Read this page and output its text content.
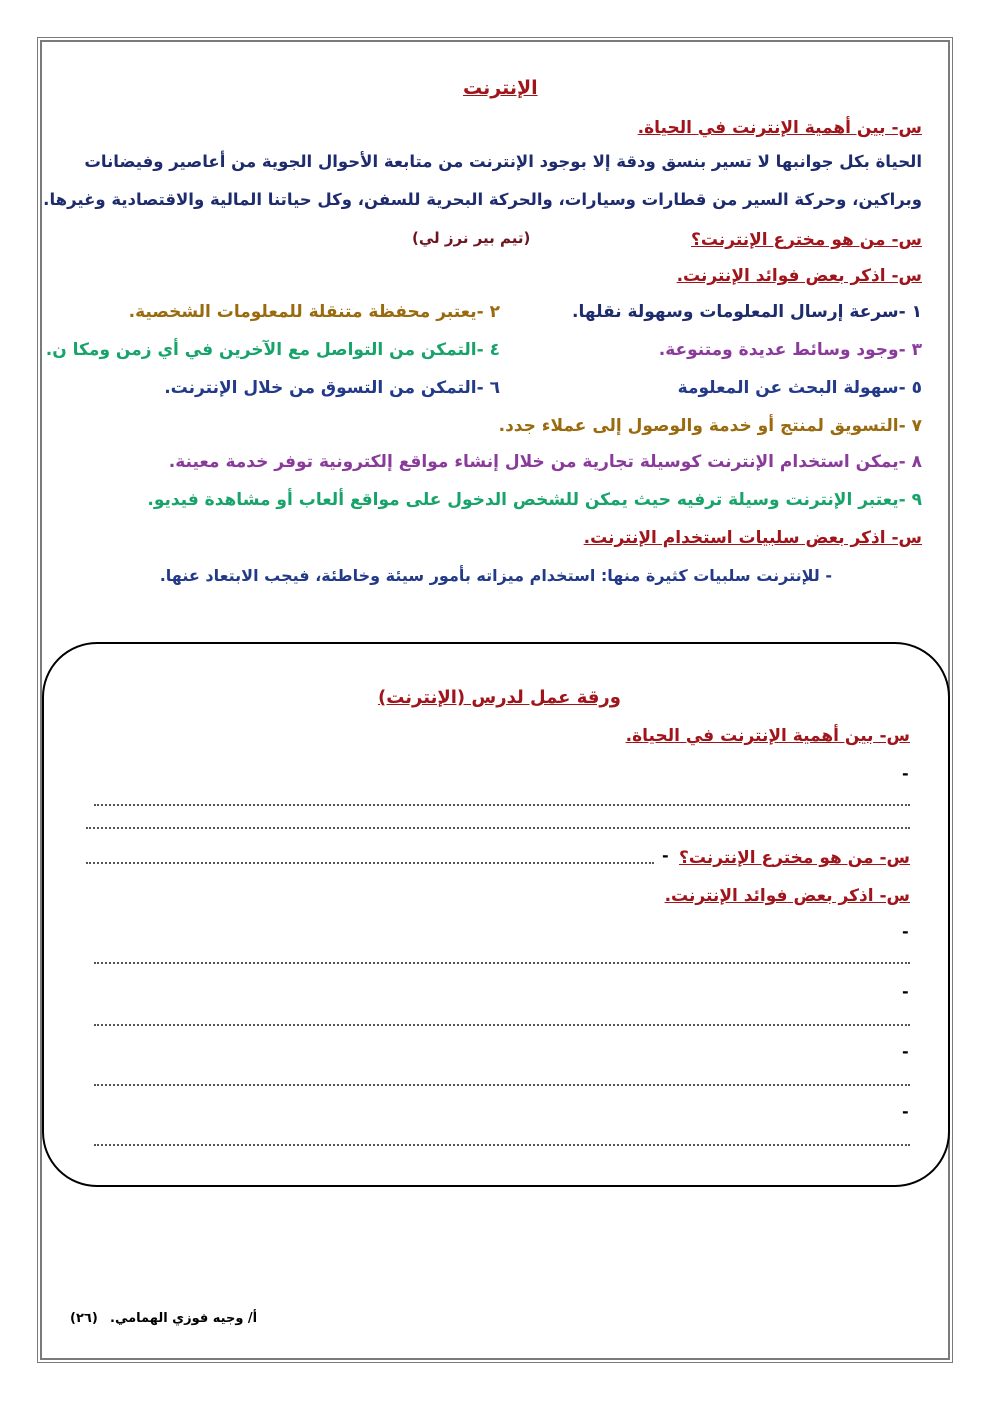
الإنترنت
س- بين أهمية الإنترنت في الحياة.
الحياة بكل جوانبها لا تسير بنسق ودقة إلا بوجود الإنترنت من متابعة الأحوال الجوية من أعاصير وفيضانات
وبراكين، وحركة السير من قطارات وسيارات، والحركة البحرية للسفن، وكل حياتنا المالية والاقتصادية وغيرها.
س- من هو مخترع الإنترنت؟
(تيم بير نرز لي)
س- اذكر بعض فوائد الإنترنت.
١ -سرعة إرسال المعلومات وسهولة نقلها.
٢ -يعتبر محفظة متنقلة للمعلومات الشخصية.
٣ -وجود وسائط عديدة ومتنوعة.
٤ -التمكن من التواصل مع الآخرين في أي زمن ومكا ن.
٥ -سهولة البحث عن المعلومة
٦ -التمكن من التسوق من خلال الإنترنت.
٧ -التسويق لمنتج أو خدمة والوصول إلى عملاء جدد.
٨ -يمكن استخدام الإنترنت كوسيلة تجارية من خلال إنشاء مواقع إلكترونية توفر خدمة معينة.
٩ -يعتبر الإنترنت وسيلة ترفيه حيث يمكن للشخص الدخول على مواقع ألعاب أو مشاهدة فيديو.
س- اذكر بعض سلبيات استخدام الإنترنت.
- للإنترنت سلبيات كثيرة منها: استخدام ميزاته بأمور سيئة وخاطئة، فيجب الابتعاد عنها.
ورقة عمل لدرس (الإنترنت)
س- بين أهمية الإنترنت في الحياة.
-
س- من هو مخترع الإنترنت؟
-
س- اذكر بعض فوائد الإنترنت.
-
-
-
-
أ/ وجيه فوزي الهمامي.
(٢٦)
